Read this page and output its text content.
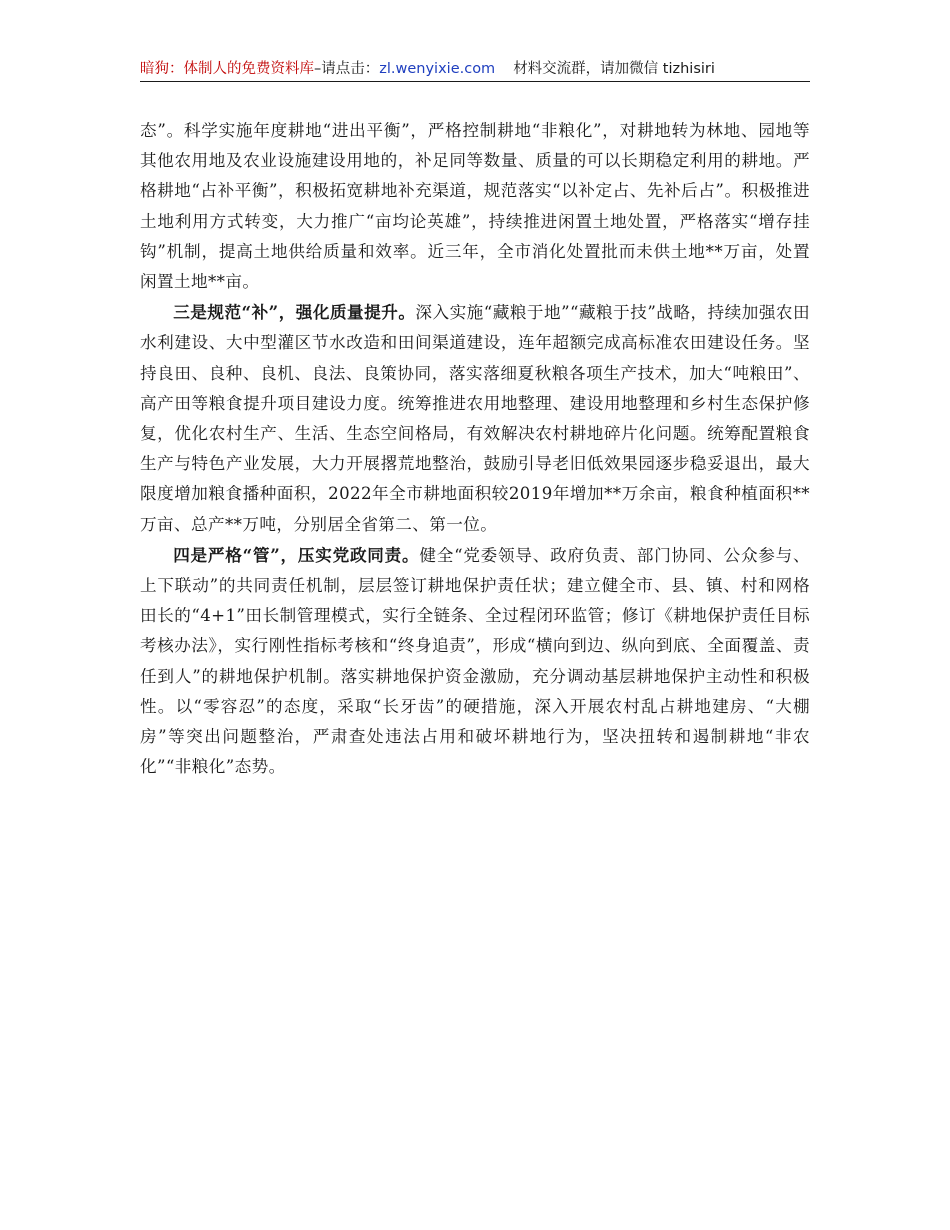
暗狗：体制人的免费资料库–请点击：zl.wenyixie.com 材料交流群，请加微信 tizhisiri

态”。科学实施年度耕地“进出平衡”，严格控制耕地“非粮化”，对耕地转为林地、园地等其他农用地及农业设施建设用地的，补足同等数量、质量的可以长期稳定利用的耕地。严格耕地“占补平衡”，积极拓宽耕地补充渠道，规范落实“以补定占、先补后占”。积极推进土地利用方式转变，大力推广“亩均论英雄”，持续推进闲置土地处置，严格落实“增存挂钩”机制，提高土地供给质量和效率。近三年，全市消化处置批而未供土地**万亩，处置闲置土地**亩。

三是规范“补”，强化质量提升。深入实施“藏粮于地”“藏粮于技”战略，持续加强农田水利建设、大中型灌区节水改造和田间渠道建设，连年超额完成高标准农田建设任务。坚持良田、良种、良机、良法、良策协同，落实落细夏秋粮各项生产技术，加大“吨粮田”、高产田等粮食提升项目建设力度。统筹推进农用地整理、建设用地整理和乡村生态保护修复，优化农村生产、生活、生态空间格局，有效解决农村耕地碎片化问题。统筹配置粮食生产与特色产业发展，大力开展撂荒地整治，鼓励引导老旧低效果园逐步稳妥退出，最大限度增加粮食播种面积，2022年全市耕地面积较2019年增加**万余亩，粮食种植面积**万亩、总产**万吨，分别居全省第二、第一位。

四是严格“管”，压实党政同责。健全“党委领导、政府负责、部门协同、公众参与、上下联动”的共同责任机制，层层签订耕地保护责任状；建立健全市、县、镇、村和网格田长的“4+1”田长制管理模式，实行全链条、全过程闭环监管；修订《耕地保护责任目标考核办法》，实行刚性指标考核和“终身追责”，形成“横向到边、纵向到底、全面覆盖、责任到人”的耕地保护机制。落实耕地保护资金激励，充分调动基层耕地保护主动性和积极性。以“零容忍”的态度，采取“长牙齿”的硬措施，深入开展农村乱占耕地建房、“大棚房”等突出问题整治，严肃查处违法占用和破坏耕地行为，坚决扭转和遏制耕地“非农化”“非粮化”态势。
